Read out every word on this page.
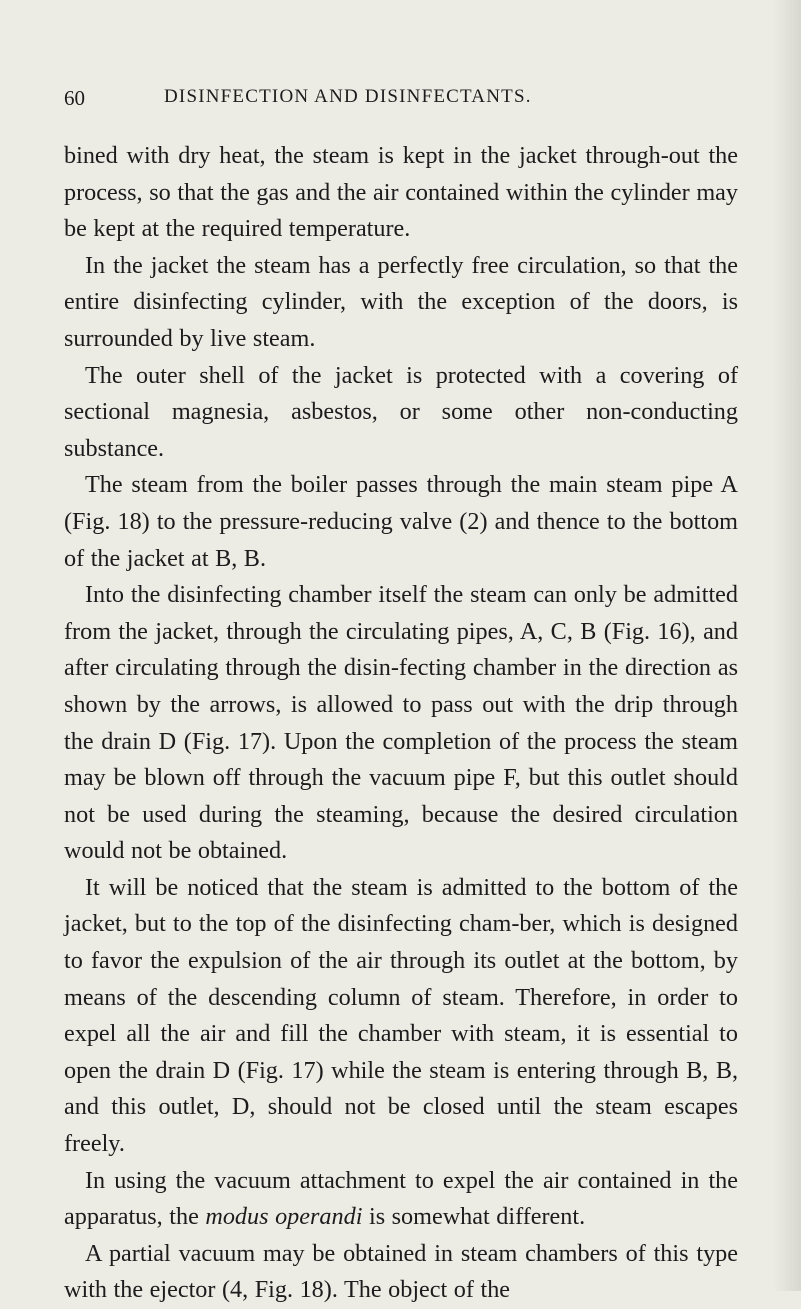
60	DISINFECTION AND DISINFECTANTS.

bined with dry heat, the steam is kept in the jacket through-out the process, so that the gas and the air contained within the cylinder may be kept at the required temperature.

In the jacket the steam has a perfectly free circulation, so that the entire disinfecting cylinder, with the exception of the doors, is surrounded by live steam.

The outer shell of the jacket is protected with a covering of sectional magnesia, asbestos, or some other non-conducting substance.

The steam from the boiler passes through the main steam pipe A (Fig. 18) to the pressure-reducing valve (2) and thence to the bottom of the jacket at B, B.

Into the disinfecting chamber itself the steam can only be admitted from the jacket, through the circulating pipes, A, C, B (Fig. 16), and after circulating through the disin-fecting chamber in the direction as shown by the arrows, is allowed to pass out with the drip through the drain D (Fig. 17). Upon the completion of the process the steam may be blown off through the vacuum pipe F, but this outlet should not be used during the steaming, because the desired circulation would not be obtained.

It will be noticed that the steam is admitted to the bottom of the jacket, but to the top of the disinfecting cham-ber, which is designed to favor the expulsion of the air through its outlet at the bottom, by means of the descending column of steam. Therefore, in order to expel all the air and fill the chamber with steam, it is essential to open the drain D (Fig. 17) while the steam is entering through B, B, and this outlet, D, should not be closed until the steam escapes freely.

In using the vacuum attachment to expel the air contained in the apparatus, the modus operandi is somewhat different.

A partial vacuum may be obtained in steam chambers of this type with the ejector (4, Fig. 18). The object of the
